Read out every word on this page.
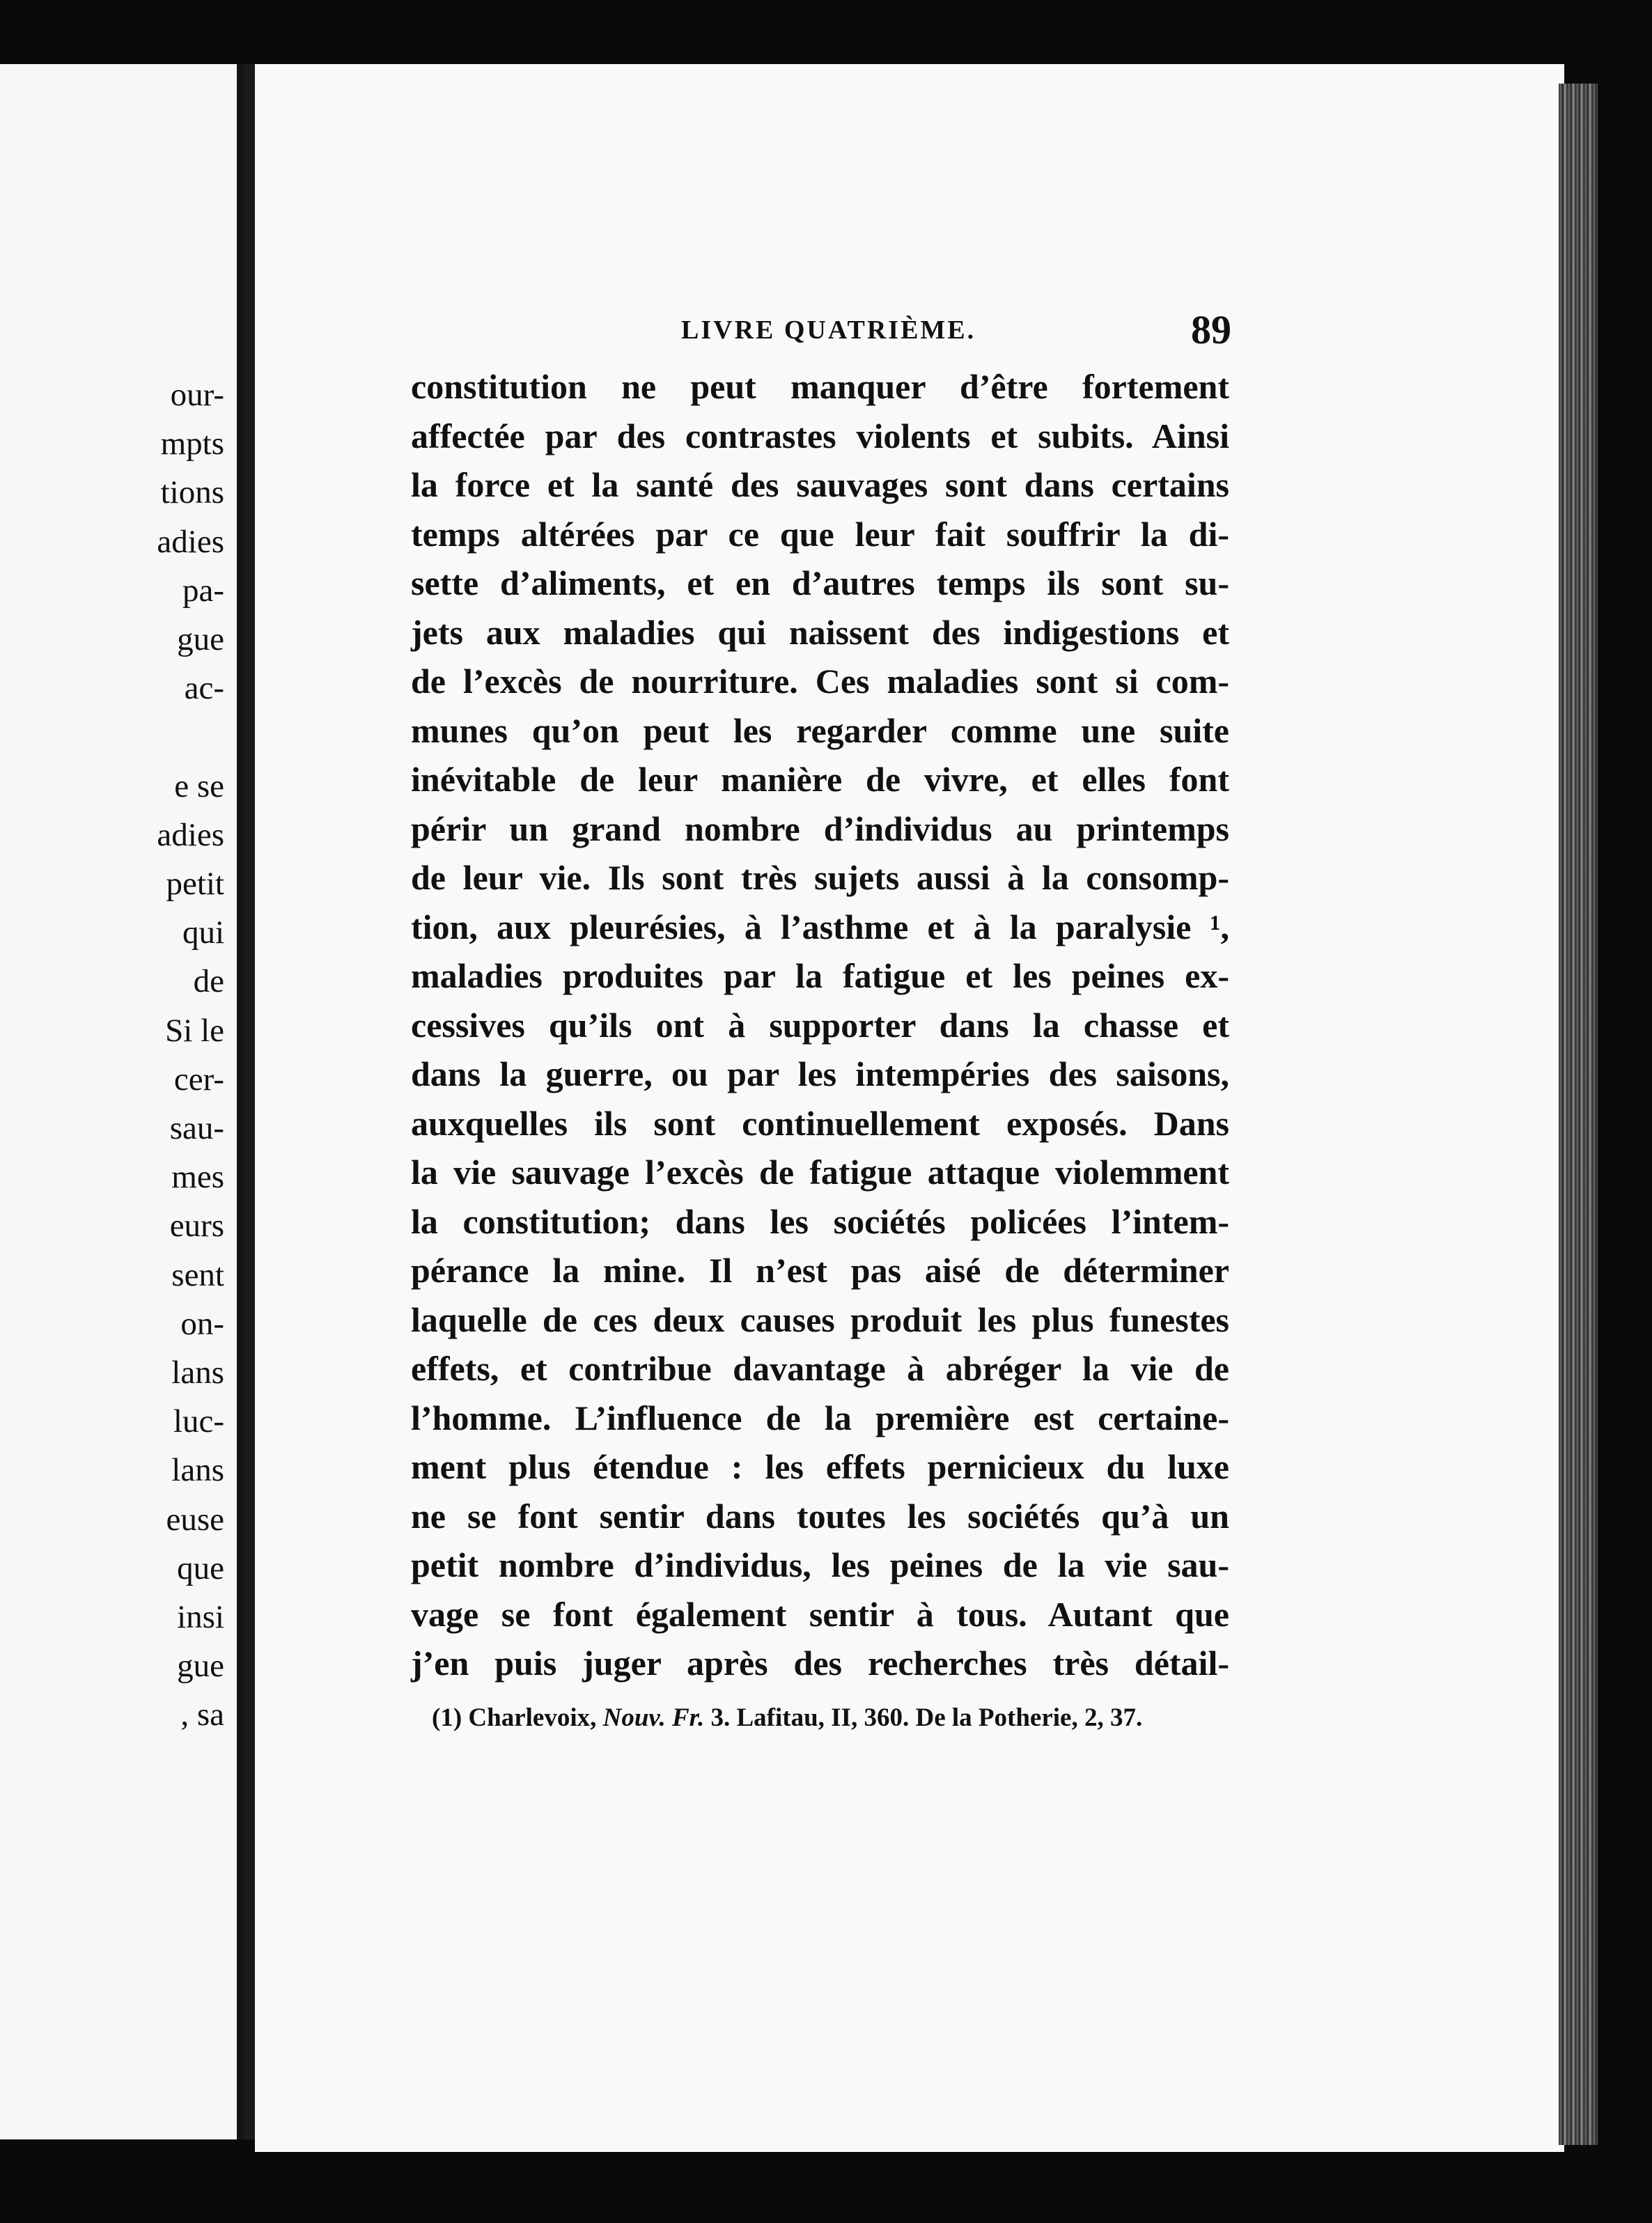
our-
mpts
tions
adies
pa-
gue
ac-
e se
adies
petit
qui
de
Si le
cer-
sau-
mes
eurs
sent
on-
lans
luc-
lans
euse
que
insi
gue
, sa
LIVRE QUATRIÈME.	89
constitution ne peut manquer d’être fortement
affectée par des contrastes violents et subits. Ainsi
la force et la santé des sauvages sont dans certains
temps altérées par ce que leur fait souffrir la di-
sette d’aliments, et en d’autres temps ils sont su-
jets aux maladies qui naissent des indigestions et
de l’excès de nourriture. Ces maladies sont si com-
munes qu’on peut les regarder comme une suite
inévitable de leur manière de vivre, et elles font
périr un grand nombre d’individus au printemps
de leur vie. Ils sont très sujets aussi à la consomp-
tion, aux pleurésies, à l’asthme et à la paralysie ¹,
maladies produites par la fatigue et les peines ex-
cessives qu’ils ont à supporter dans la chasse et
dans la guerre, ou par les intempéries des saisons,
auxquelles ils sont continuellement exposés. Dans
la vie sauvage l’excès de fatigue attaque violemment
la constitution; dans les sociétés policées l’intem-
pérance la mine. Il n’est pas aisé de déterminer
laquelle de ces deux causes produit les plus funestes
effets, et contribue davantage à abréger la vie de
l’homme. L’influence de la première est certaine-
ment plus étendue : les effets pernicieux du luxe
ne se font sentir dans toutes les sociétés qu’à un
petit nombre d’individus, les peines de la vie sau-
vage se font également sentir à tous. Autant que
j’en puis juger après des recherches très détail-
(1) Charlevoix, Nouv. Fr. 3. Lafitau, II, 360. De la Potherie, 2, 37.
